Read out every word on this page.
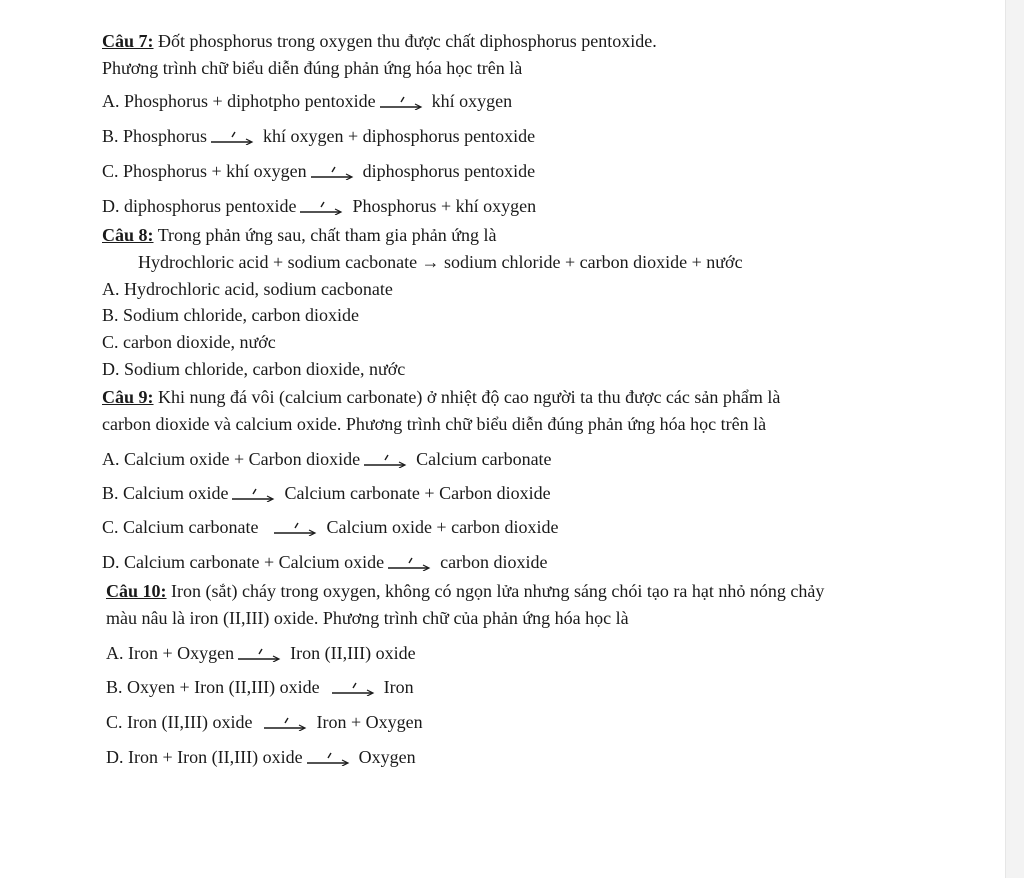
Câu 7: Đốt phosphorus trong oxygen thu được chất diphosphorus pentoxide.
Phương trình chữ biểu diễn đúng phản ứng hóa học trên là
A. Phosphorus + diphotpho pentoxide → khí oxygen
B. Phosphorus → khí oxygen + diphosphorus pentoxide
C. Phosphorus + khí oxygen → diphosphorus pentoxide
D. diphosphorus pentoxide → Phosphorus + khí oxygen
Câu 8: Trong phản ứng sau, chất tham gia phản ứng là
Hydrochloric acid + sodium cacbonate → sodium chloride + carbon dioxide + nước
A. Hydrochloric acid, sodium cacbonate
B. Sodium chloride, carbon dioxide
C. carbon dioxide, nước
D. Sodium chloride, carbon dioxide, nước
Câu 9: Khi nung đá vôi (calcium carbonate) ở nhiệt độ cao người ta thu được các sản phẩm là
carbon dioxide và calcium oxide. Phương trình chữ biểu diễn đúng phản ứng hóa học trên là
A. Calcium oxide + Carbon dioxide → Calcium carbonate
B. Calcium oxide → Calcium carbonate + Carbon dioxide
C. Calcium carbonate → Calcium oxide + carbon dioxide
D. Calcium carbonate + Calcium oxide → carbon dioxide
Câu 10: Iron (sắt) cháy trong oxygen, không có ngọn lửa nhưng sáng chói tạo ra hạt nhỏ nóng chảy
màu nâu là iron (II,III) oxide. Phương trình chữ của phản ứng hóa học là
A. Iron + Oxygen → Iron (II,III) oxide
B. Oxyen + Iron (II,III) oxide → Iron
C. Iron (II,III) oxide → Iron + Oxygen
D. Iron + Iron (II,III) oxide → Oxygen
